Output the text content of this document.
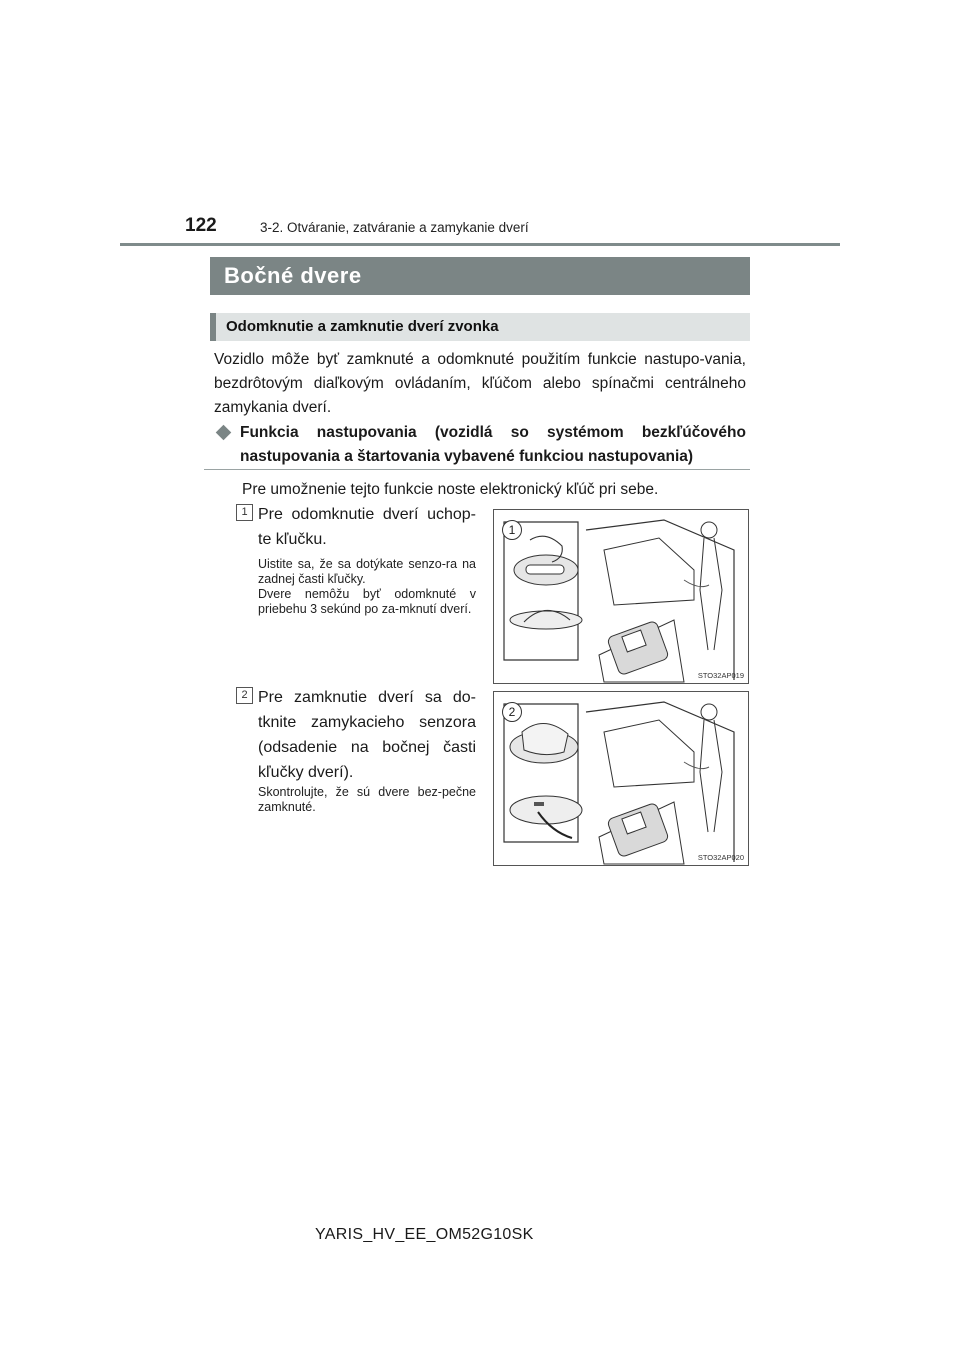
122	3-2. Otváranie, zatváranie a zamykanie dverí
Bočné dvere
Odomknutie a zamknutie dverí zvonka
Vozidlo môže byť zamknuté a odomknuté použitím funkcie nastupo-vania, bezdrôtovým diaľkovým ovládaním, kľúčom alebo spínačmi centrálneho zamykania dverí.
Funkcia nastupovania (vozidlá so systémom bezkľúčového nastupovania a štartovania vybavené funkciou nastupovania)
Pre umožnenie tejto funkcie noste elektronický kľúč pri sebe.
1 Pre odomknutie dverí uchop-te kľučku.
Uistite sa, že sa dotýkate senzo-ra na zadnej časti kľučky.
Dvere nemôžu byť odomknuté v priebehu 3 sekúnd po za-mknutí dverí.
1
STO32AP019
2 Pre zamknutie dverí sa do-tknite zamykacieho senzora (odsadenie na bočnej časti kľučky dverí).
Skontrolujte, že sú dvere bez-pečne zamknuté.
2
STO32AP020
YARIS_HV_EE_OM52G10SK
